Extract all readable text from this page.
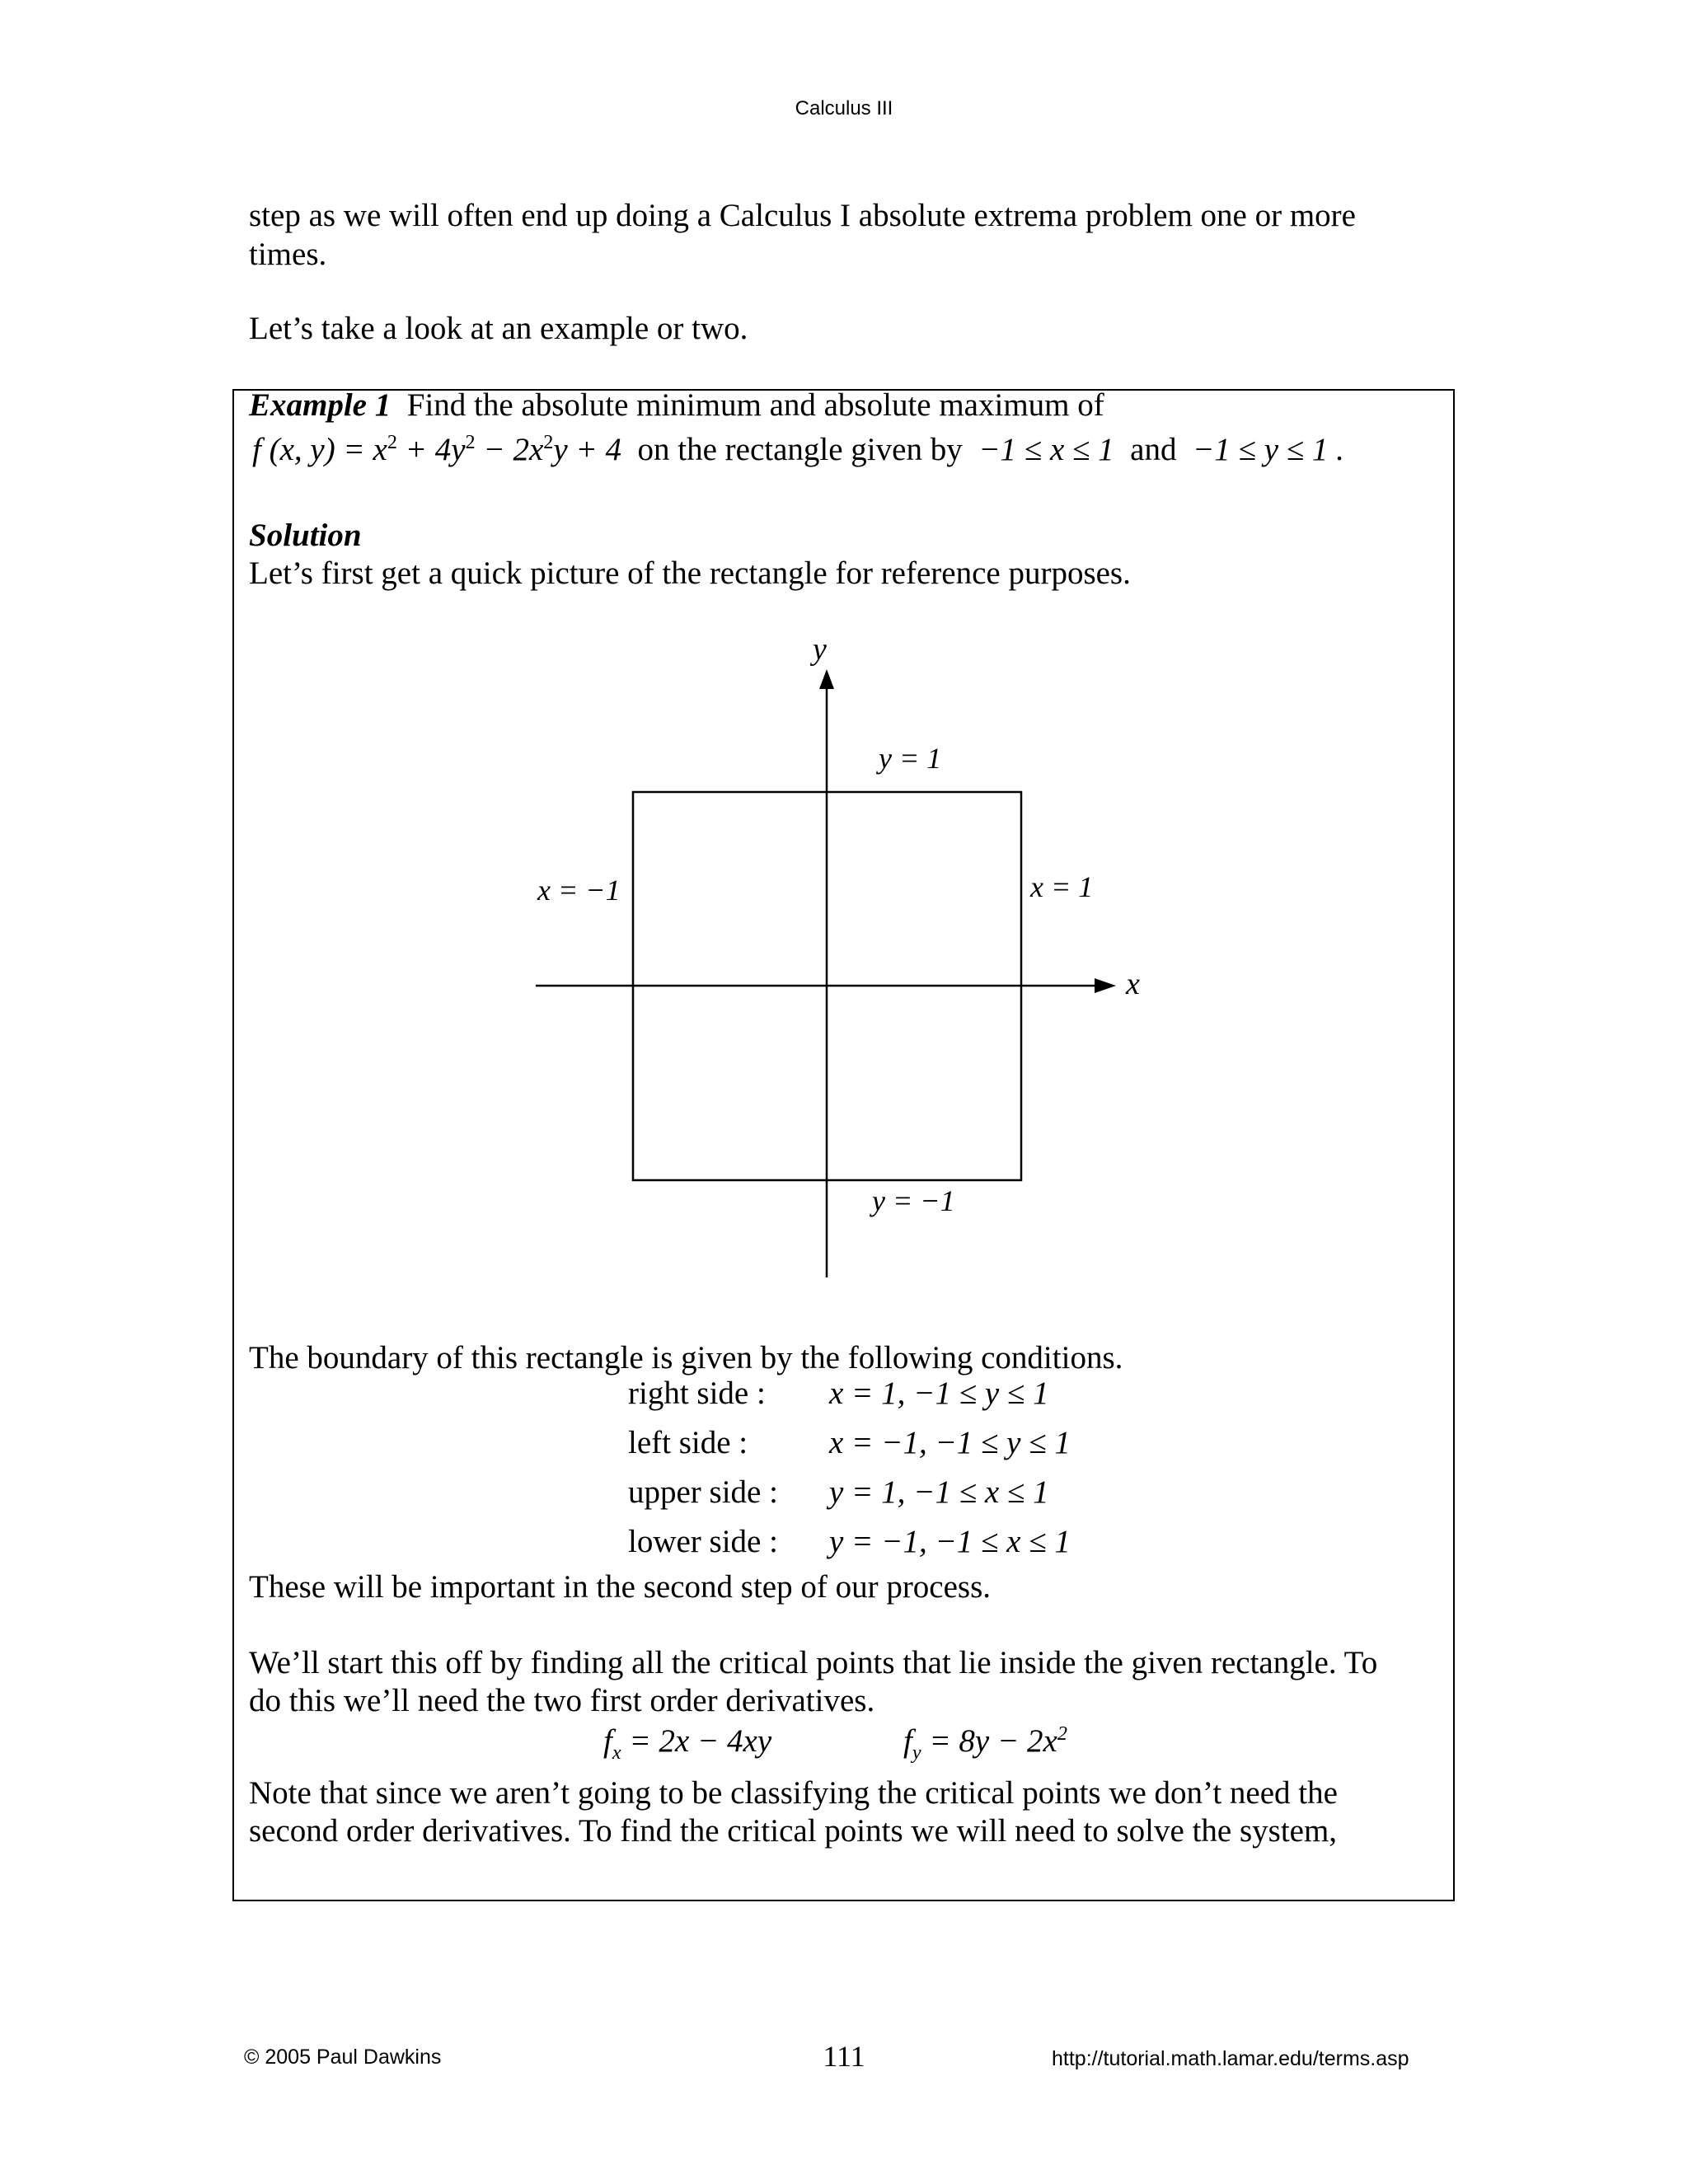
Calculus III
step as we will often end up doing a Calculus I absolute extrema problem one or more
times.
Let’s take a look at an example or two.
Example 1 Find the absolute minimum and absolute maximum of
f (x, $y) = x^2 + 4y^2 - 2x^2y + 4$ on the rectangle given by −1 ≤ x ≤ 1 and −1 ≤ y ≤ 1 .
Solution
Let’s first get a quick picture of the rectangle for reference purposes.
y
x
y = 1
y = −1
x = −1	x = 1
The boundary of this rectangle is given by the following conditions.
right side : x = 1, −1 ≤ y ≤ 1
left side :	x = −1, −1 ≤ y ≤ 1
upper side : y = 1, −1 ≤ x ≤ 1
lower side : y = −1, −1 ≤ x ≤ 1
These will be important in the second step of our process.
We’ll start this off by finding all the critical points that lie inside the given rectangle. To
do this we’ll need the two first order derivatives.
$f_x = 2x - 4xy$	$f_y = 8y - 2x^2$
Note that since we aren’t going to be classifying the critical points we don’t need the
second order derivatives. To find the critical points we will need to solve the system,
© 2005 Paul Dawkins	111	http://tutorial.math.lamar.edu/terms.asp
